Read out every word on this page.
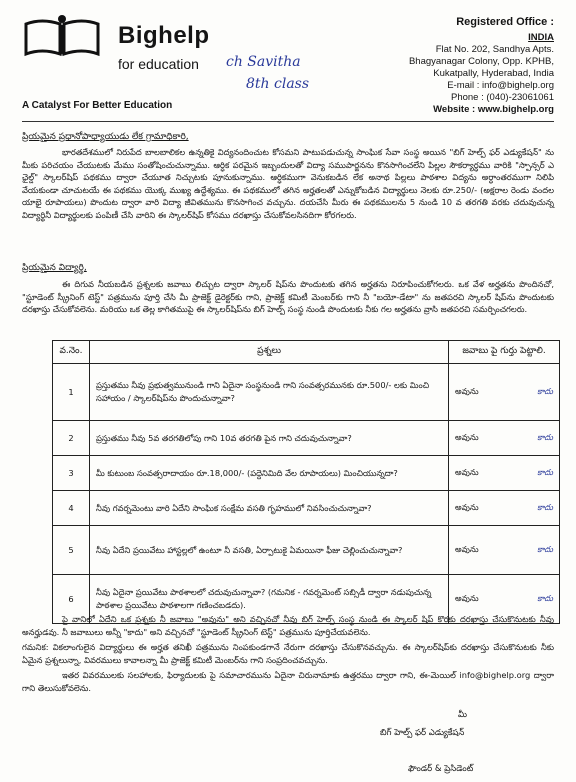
Bighelp
for education
A Catalyst For Better Education
ch Savitha
8th class
Registered Office :
INDIA
Flat No. 202, Sandhya Apts.
Bhagyanagar Colony, Opp. KPHB,
Kukatpally, Hyderabad, India
E-mail : info@bighelp.org
Phone : (040)-23061061
Website : www.bighelp.org
ప్రియమైన ప్రధానోపాధ్యాయుడు లేక గ్రామాధికారి,
భారతదేశములో నిరుపేద బాలబాలికల ఉన్నతికై విద్యనందించుట కోసమని పాటుపడుచున్న సాంఘిక సేవా సంస్థ అయిన "బిగ్ హెల్ప్ ఫర్ ఎడ్యుకేషన్" ను మీకు పరిచయం చేయుటకు మేము సంతోషించుచున్నాము. ఆర్ధిక పరమైన ఇబ్బందులతో విద్యా సముపార్జనను కొనసాగించలేని పిల్లల సౌకర్యార్ధము వారికి "స్పాన్సర్ ఎ ఛైల్డ్" స్కాలర్‌షిప్ పథకము ద్వారా చేయూత నిచ్చుటకు పూనుకున్నాము. ఆర్ధికముగా వెనుకబడిన లేక అనాథ పిల్లలు పాఠశాల విద్యను అర్ధాంతరముగా నిలిపి వేయకుండా చూచుటయే ఈ పథకము యొక్క ముఖ్య ఉద్దేశ్యము. ఈ పథకములో తగిన అర్హతలతో ఎన్నుకోబడిన విద్యార్థులు నెలకు రూ.250/- (అక్షరాల రెండు వందల యాభై రూపాయలు) పొందుట ద్వారా వారి విద్యా జీవితమును కొనసాగించ వచ్చును. దయచేసి మీరు ఈ పథకములను 5 నుండి 10 వ తరగతి వరకు చదువుచున్న విద్యార్థినీ విద్యార్థులకు పంపిణీ చేసి వారిని ఈ స్కాలర్‌షిప్ కోసము దరఖాస్తు చేసుకోవలసినదిగా కోరగలరు.
ప్రియమైన విద్యార్థి,
ఈ దిగువ నీయబడిన ప్రశ్నలకు జవాబు లిచ్చుట ద్వారా స్కాలర్ షిప్‌ను పొందుటకు తగిన అర్హతను నిరూపించుకోగలరు. ఒక వేళ అర్హతను పొందినచో, "స్టూడెంట్ స్క్రీనింగ్ టెస్ట్" పత్రమును పూర్తి చేసి మీ ప్రాజెక్ట్ డైరెక్టర్‌కు గాని, ప్రాజెక్ట్ కమిటీ మెంబర్‌కు గాని నీ "బయో-డేటా" ను జతపరచి స్కాలర్ షిప్‌ను పొందుటకు దరఖాస్తు చేసుకోవలెను. మరియు ఒక తెల్ల కాగితముపై ఈ స్కాలర్‌షిప్‌ను బిగ్ హెల్ప్ సంస్థ నుండి పొందుటకు నీకు గల అర్హతను వ్రాసి జతపరచి సమర్పించగలరు.
వ.నెం.	ప్రశ్నలు	జవాబు పై గుర్తు పెట్టాలి.
1	ప్రస్తుతము నీవు ప్రభుత్వమునుండి గాని ఏదైనా సంస్థనుండి గాని సంవత్సరమునకు రూ.500/- లకు మించి సహాయం / స్కాలర్‌షిప్‌ను పొందుచున్నావా?	అవును కాదు

2	ప్రస్తుతము నీవు 5వ తరగతిలోపు గాని 10వ తరగతి పైన గాని చదువుచున్నావా?	అవును కాదు

3	మీ కుటుంబ సంవత్సరాదాయం రూ.18,000/- (పద్దెనిమిది వేల రూపాయలు) మించియున్నదా?	అవును కాదు

4	నీవు గవర్నమెంటు వారి ఏదేని సాంఘిక సంక్షేమ వసతి గృహములో నివసించుచున్నావా?	అవును కాదు

5	నీవు ఏదేని ప్రయివేటు హాస్టల్లలో ఉంటూ నీ వసతి, ఏర్పాటుకై ఏమయినా ఫీజు చెల్లించుచున్నావా?	అవును కాదు

6	నీవు ఏదైనా ప్రయివేటు పాఠశాలలో చదువుచున్నావా? (గమనిక - గవర్నమెంట్ సబ్సిడీ ద్వారా నడుపుచున్న పాఠశాల ప్రయివేటు పాఠశాలగా గణించబడదు).	అవును కాదు
పై వానిలో ఏదేని ఒక ప్రశ్నకు నీ జవాబు "అవును" అని వచ్చినచో నీవు బిగ్ హెల్ప్ సంస్థ నుండి ఈ స్కాలర్ షిప్ కొరకు దరఖాస్తు చేసుకొనుటకు నీవు అనర్హుడవు. నీ జవాబులు అన్నీ "కాదు" అని వచ్చినచో "స్టూడెంట్ స్క్రీనింగ్ టెస్ట్" పత్రమును పూర్తిచేయవలెను.
గమనిక: వికలాంగులైన విద్యార్థులు ఈ అర్హత తనిఖీ పత్రమును నింపకుండగానే నేరుగా దరఖాస్తు చేసుకొనవచ్చును. ఈ స్కాలర్‌షిప్‌కు దరఖాస్తు చేసుకొనుటకు నీకు ఏమైన ప్రశ్నలున్నా, వివరములు కావాలన్నా మీ ప్రాజెక్ట్ కమిటీ మెంబర్‌ను గాని సంప్రదించవచ్చును.
ఇతర వివరములకు సలహాలకు, ఫిర్యాదులకు పై సమాచారమును ఏదైనా చిరునామాకు ఉత్తరము ద్వారా గాని, ఈ-మెయిల్ info@bighelp.org ద్వారా గాని తెలుసుకోవలెను.
మీ
బిగ్ హెల్ప్ ఫర్ ఎడ్యుకేషన్
ఫౌండర్ & ప్రెసిడెంట్
